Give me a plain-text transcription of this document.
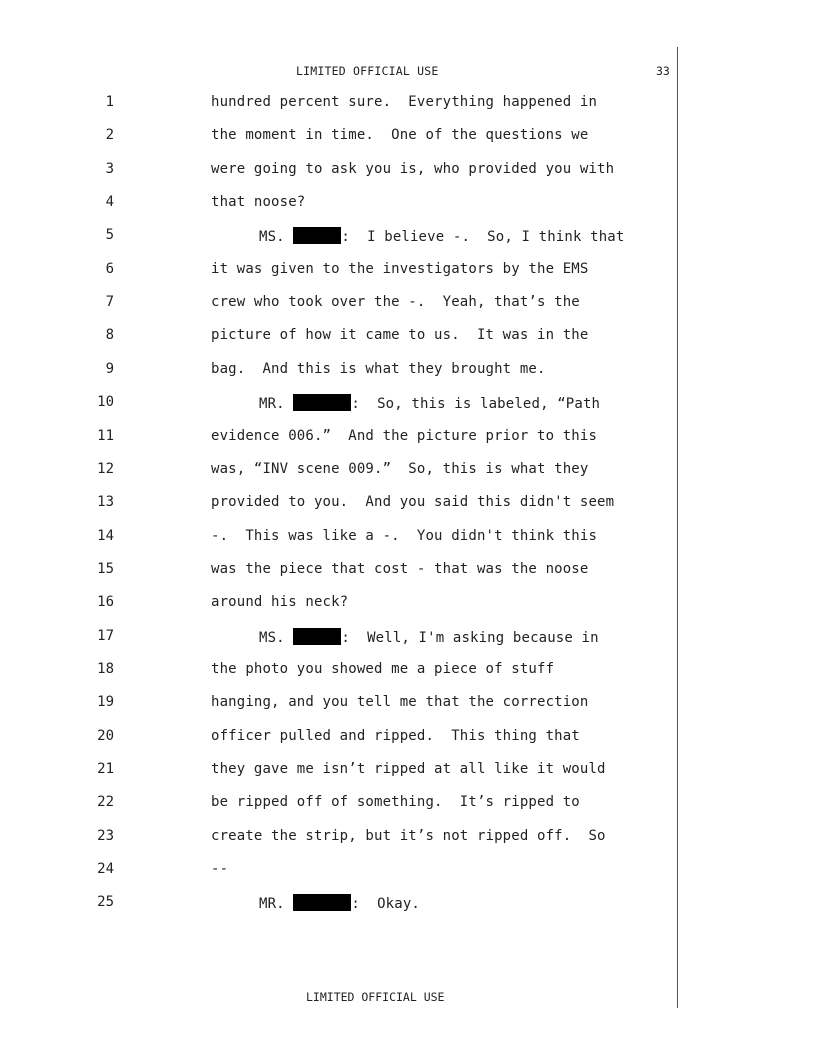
LIMITED OFFICIAL USE	33
1	hundred percent sure.  Everything happened in
2	the moment in time.  One of the questions we
3	were going to ask you is, who provided you with
4	that noose?
5	MS.	:  I believe -.  So, I think that
6	it was given to the investigators by the EMS
7	crew who took over the -.  Yeah, that’s the
8	picture of how it came to us.  It was in the
9	bag.  And this is what they brought me.
10	MR.	:  So, this is labeled, “Path
11	evidence 006.”  And the picture prior to this
12	was, “INV scene 009.”  So, this is what they
13	provided to you.  And you said this didn't seem
14	-.  This was like a -.  You didn't think this
15	was the piece that cost - that was the noose
16	around his neck?
17	MS.	:  Well, I'm asking because in
18	the photo you showed me a piece of stuff
19	hanging, and you tell me that the correction
20	officer pulled and ripped.  This thing that
21	they gave me isn’t ripped at all like it would
22	be ripped off of something.  It’s ripped to
23	create the strip, but it’s not ripped off.  So
24	--
25	MR.	:  Okay.
LIMITED OFFICIAL USE
